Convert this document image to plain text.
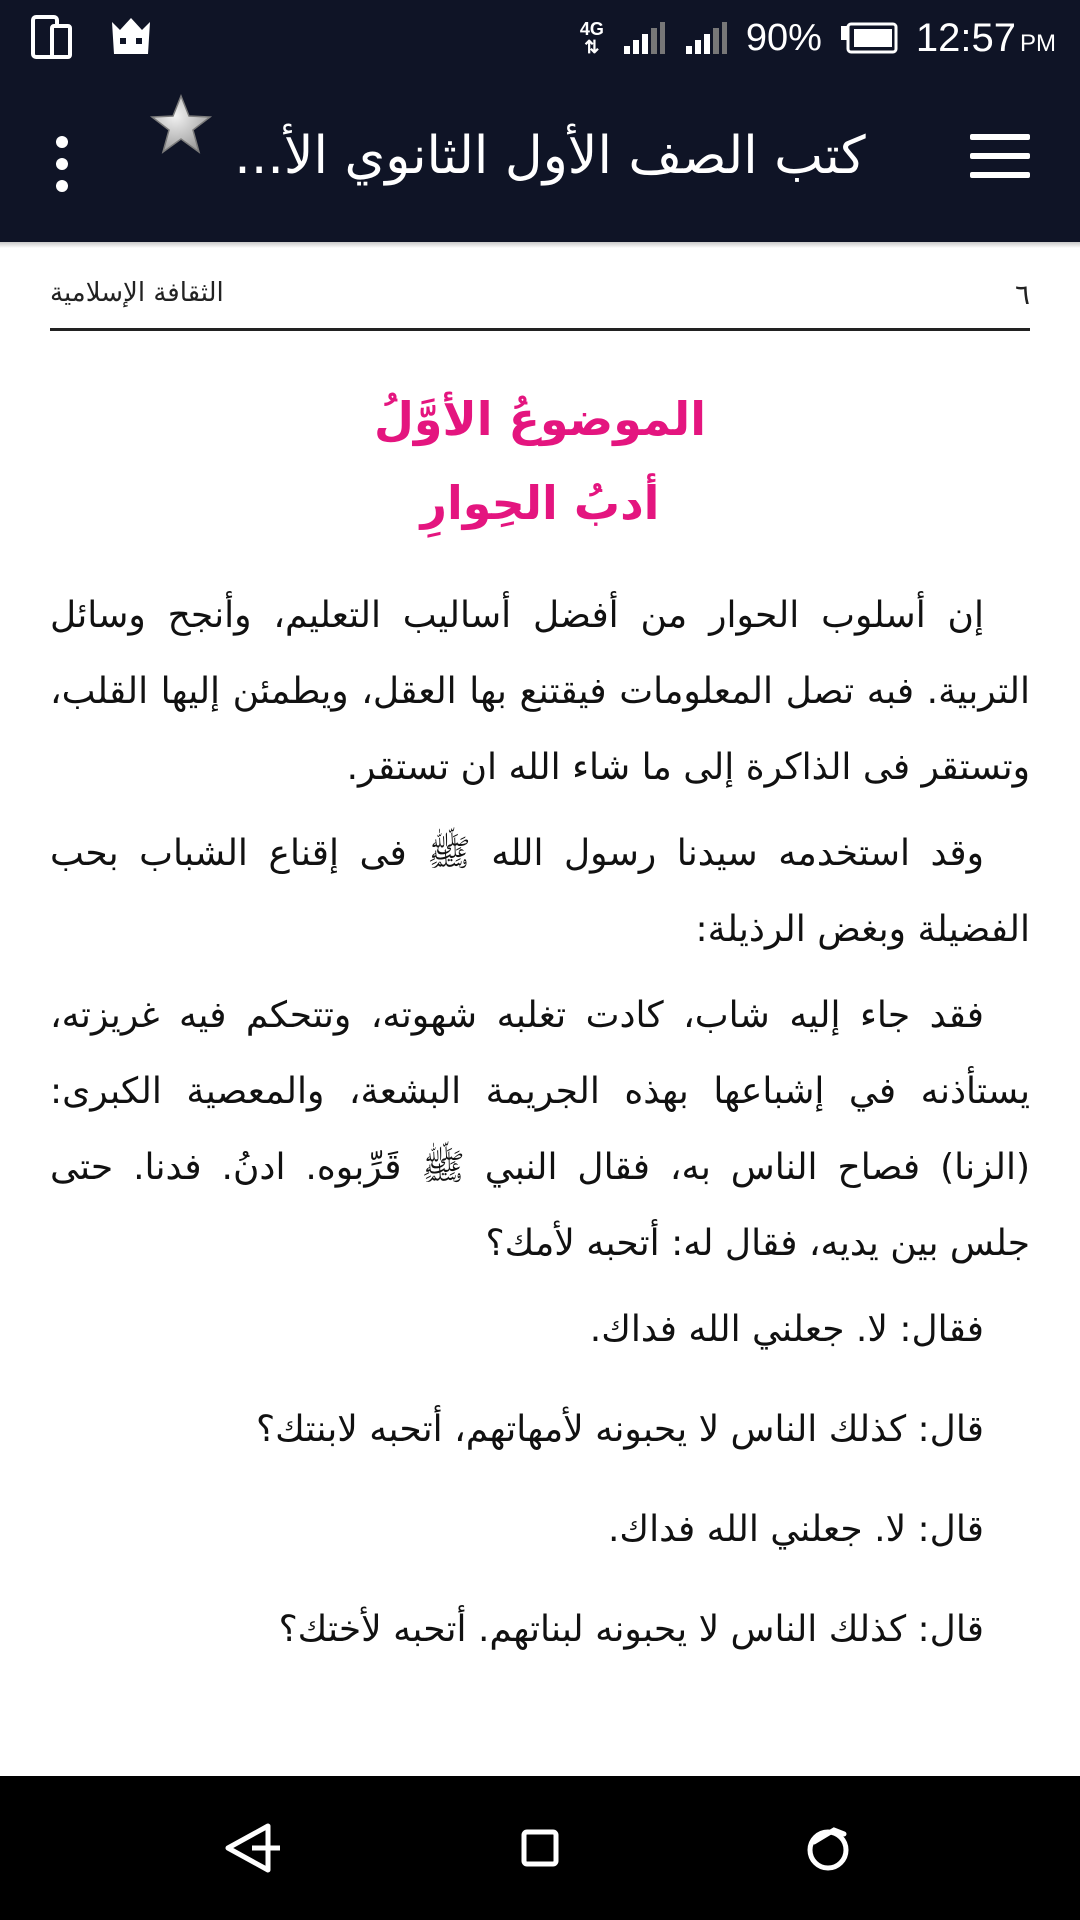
4G
⇅	90% 12:57 PM
كتب الصف الأول الثانوي الأ...
الثقافة الإسلامية	٦
الموضوعُ الأوَّلُ
أدبُ الحِوارِ

إن أسلوب الحوار من أفضل أساليب التعليم، وأنجح وسائل التربية. فبه تصل المعلومات فيقتنع بها العقل، ويطمئن إليها القلب، وتستقر فى الذاكرة إلى ما شاء الله ان تستقر.

وقد استخدمه سيدنا رسول الله ﷺ فى إقناع الشباب بحب الفضيلة وبغض الرذيلة:

فقد جاء إليه شاب، كادت تغلبه شهوته، وتتحكم فيه غريزته، يستأذنه في إشباعها بهذه الجريمة البشعة، والمعصية الكبرى: (الزنا) فصاح الناس به، فقال النبي ﷺ قَرِّبوه. ادنُ. فدنا. حتى جلس بين يديه، فقال له: أتحبه لأمك؟

فقال: لا. جعلني الله فداك.
قال: كذلك الناس لا يحبونه لأمهاتهم، أتحبه لابنتك؟
قال: لا. جعلني الله فداك.
قال: كذلك الناس لا يحبونه لبناتهم. أتحبه لأختك؟
